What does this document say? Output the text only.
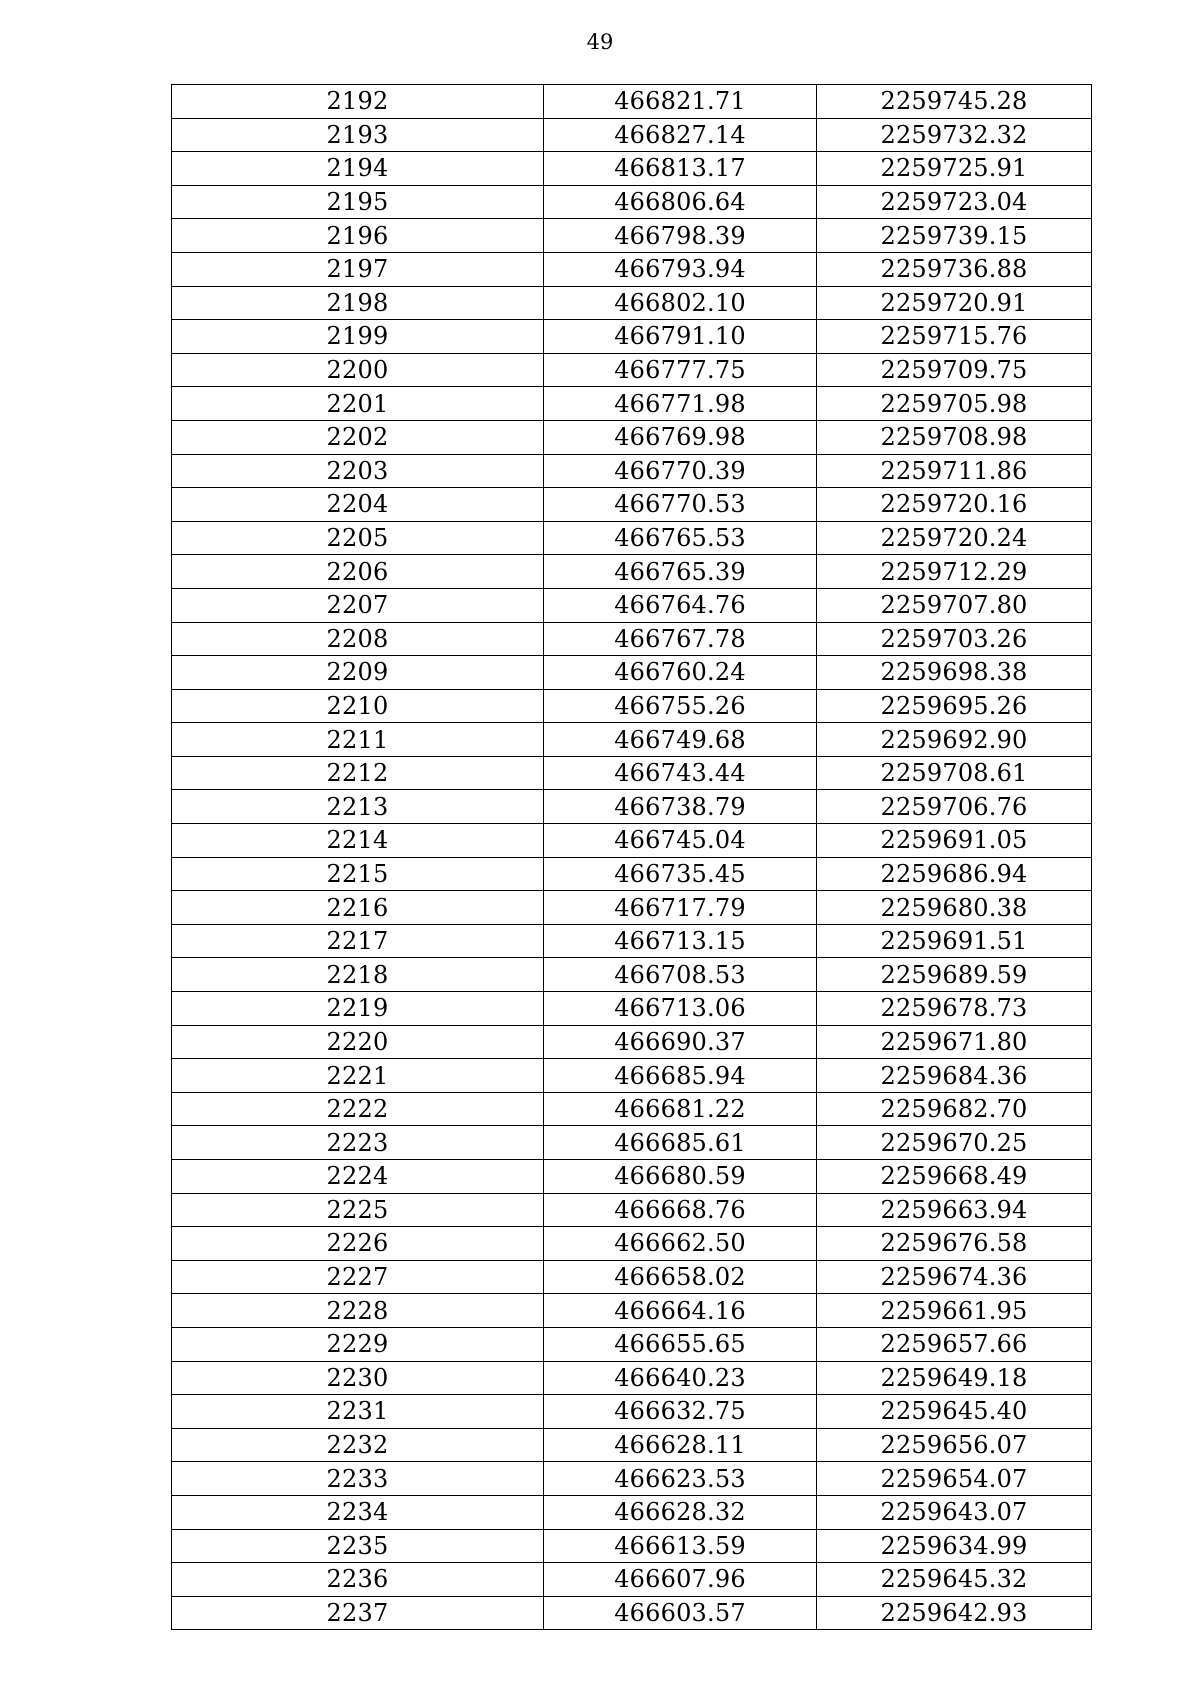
49
2192	466821.71	2259745.28
2193	466827.14	2259732.32
2194	466813.17	2259725.91
2195	466806.64	2259723.04
2196	466798.39	2259739.15
2197	466793.94	2259736.88
2198	466802.10	2259720.91
2199	466791.10	2259715.76
2200	466777.75	2259709.75
2201	466771.98	2259705.98
2202	466769.98	2259708.98
2203	466770.39	2259711.86
2204	466770.53	2259720.16
2205	466765.53	2259720.24
2206	466765.39	2259712.29
2207	466764.76	2259707.80
2208	466767.78	2259703.26
2209	466760.24	2259698.38
2210	466755.26	2259695.26
2211	466749.68	2259692.90
2212	466743.44	2259708.61
2213	466738.79	2259706.76
2214	466745.04	2259691.05
2215	466735.45	2259686.94
2216	466717.79	2259680.38
2217	466713.15	2259691.51
2218	466708.53	2259689.59
2219	466713.06	2259678.73
2220	466690.37	2259671.80
2221	466685.94	2259684.36
2222	466681.22	2259682.70
2223	466685.61	2259670.25
2224	466680.59	2259668.49
2225	466668.76	2259663.94
2226	466662.50	2259676.58
2227	466658.02	2259674.36
2228	466664.16	2259661.95
2229	466655.65	2259657.66
2230	466640.23	2259649.18
2231	466632.75	2259645.40
2232	466628.11	2259656.07
2233	466623.53	2259654.07
2234	466628.32	2259643.07
2235	466613.59	2259634.99
2236	466607.96	2259645.32
2237	466603.57	2259642.93
